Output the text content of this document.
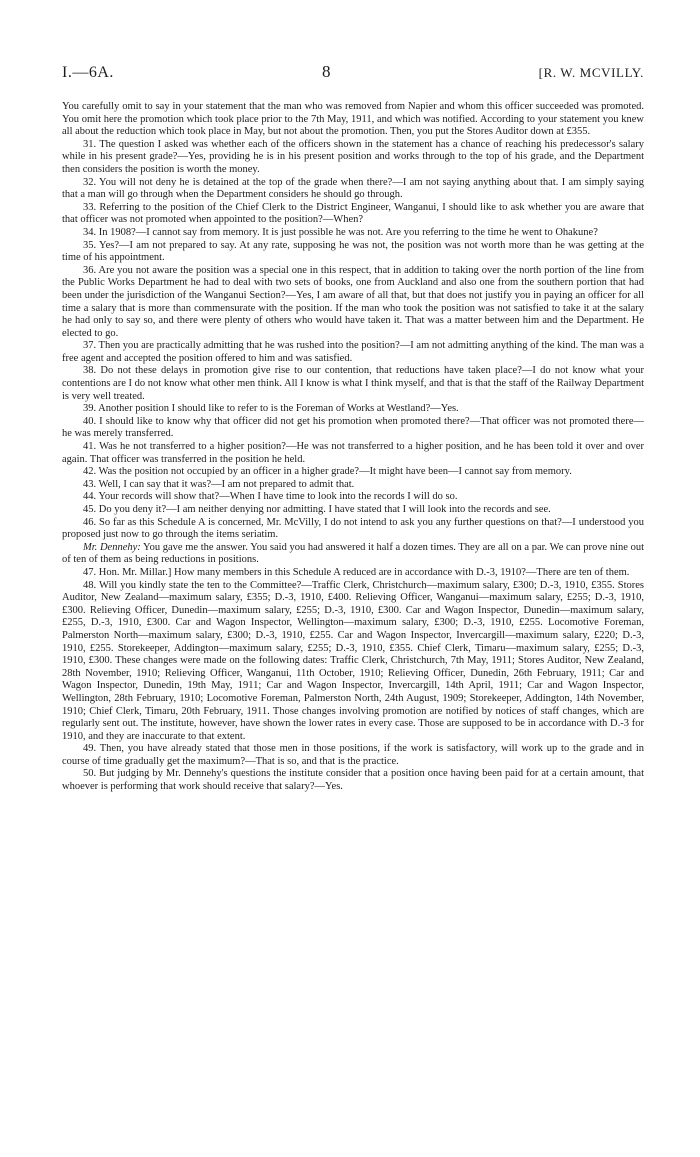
I.—6A.	8	[R. W. MCVILLY.

You carefully omit to say in your statement that the man who was removed from Napier and whom this officer succeeded was promoted. You omit here the promotion which took place prior to the 7th May, 1911, and which was notified. According to your statement you knew all about the reduction which took place in May, but not about the promotion. Then, you put the Stores Auditor down at £355.

31. The question I asked was whether each of the officers shown in the statement has a chance of reaching his predecessor's salary while in his present grade?—Yes, providing he is in his present position and works through to the top of his grade, and the Department then considers the position is worth the money.

32. You will not deny he is detained at the top of the grade when there?—I am not saying anything about that. I am simply saying that a man will go through when the Department considers he should go through.

33. Referring to the position of the Chief Clerk to the District Engineer, Wanganui, I should like to ask whether you are aware that that officer was not promoted when appointed to the position?—When?

34. In 1908?—I cannot say from memory. It is just possible he was not. Are you referring to the time he went to Ohakune?

35. Yes?—I am not prepared to say. At any rate, supposing he was not, the position was not worth more than he was getting at the time of his appointment.

36. Are you not aware the position was a special one in this respect, that in addition to taking over the north portion of the line from the Public Works Department he had to deal with two sets of books, one from Auckland and also one from the southern portion that had been under the jurisdiction of the Wanganui Section?—Yes, I am aware of all that, but that does not justify you in paying an officer for all time a salary that is more than commensurate with the position. If the man who took the position was not satisfied to take it at the salary he had only to say so, and there were plenty of others who would have taken it. That was a matter between him and the Department. He elected to go.

37. Then you are practically admitting that he was rushed into the position?—I am not admitting anything of the kind. The man was a free agent and accepted the position offered to him and was satisfied.

38. Do not these delays in promotion give rise to our contention, that reductions have taken place?—I do not know what your contentions are I do not know what other men think. All I know is what I think myself, and that is that the staff of the Railway Department is very well treated.

39. Another position I should like to refer to is the Foreman of Works at Westland?—Yes.

40. I should like to know why that officer did not get his promotion when promoted there?—That officer was not promoted there—he was merely transferred.

41. Was he not transferred to a higher position?—He was not transferred to a higher position, and he has been told it over and over again. That officer was transferred in the position he held.

42. Was the position not occupied by an officer in a higher grade?—It might have been—I cannot say from memory.

43. Well, I can say that it was?—I am not prepared to admit that.

44. Your records will show that?—When I have time to look into the records I will do so.

45. Do you deny it?—I am neither denying nor admitting. I have stated that I will look into the records and see.

46. So far as this Schedule A is concerned, Mr. McVilly, I do not intend to ask you any further questions on that?—I understood you proposed just now to go through the items seriatim.

Mr. Dennehy: You gave me the answer. You said you had answered it half a dozen times. They are all on a par. We can prove nine out of ten of them as being reductions in positions.

47. Hon. Mr. Millar.] How many members in this Schedule A reduced are in accordance with D.-3, 1910?—There are ten of them.

48. Will you kindly state the ten to the Committee?—Traffic Clerk, Christchurch—maximum salary, £300; D.-3, 1910, £355. Stores Auditor, New Zealand—maximum salary, £355; D.-3, 1910, £400. Relieving Officer, Wanganui—maximum salary, £255; D.-3, 1910, £300. Relieving Officer, Dunedin—maximum salary, £255; D.-3, 1910, £300. Car and Wagon Inspector, Dunedin—maximum salary, £255, D.-3, 1910, £300. Car and Wagon Inspector, Wellington—maximum salary, £300; D.-3, 1910, £255. Locomotive Foreman, Palmerston North—maximum salary, £300; D.-3, 1910, £255. Car and Wagon Inspector, Invercargill—maximum salary, £220; D.-3, 1910, £255. Storekeeper, Addington—maximum salary, £255; D.-3, 1910, £355. Chief Clerk, Timaru—maximum salary, £255; D.-3, 1910, £300. These changes were made on the following dates: Traffic Clerk, Christchurch, 7th May, 1911; Stores Auditor, New Zealand, 28th November, 1910; Relieving Officer, Wanganui, 11th October, 1910; Relieving Officer, Dunedin, 26th February, 1911; Car and Wagon Inspector, Dunedin, 19th May, 1911; Car and Wagon Inspector, Invercargill, 14th April, 1911; Car and Wagon Inspector, Wellington, 28th February, 1910; Locomotive Foreman, Palmerston North, 24th August, 1909; Storekeeper, Addington, 14th November, 1910; Chief Clerk, Timaru, 20th February, 1911. Those changes involving promotion are notified by notices of staff changes, which are regularly sent out. The institute, however, have shown the lower rates in every case. Those are supposed to be in accordance with D.-3 for 1910, and they are inaccurate to that extent.

49. Then, you have already stated that those men in those positions, if the work is satisfactory, will work up to the grade and in course of time gradually get the maximum?—That is so, and that is the practice.

50. But judging by Mr. Dennehy's questions the institute consider that a position once having been paid for at a certain amount, that whoever is performing that work should receive that salary?—Yes.
